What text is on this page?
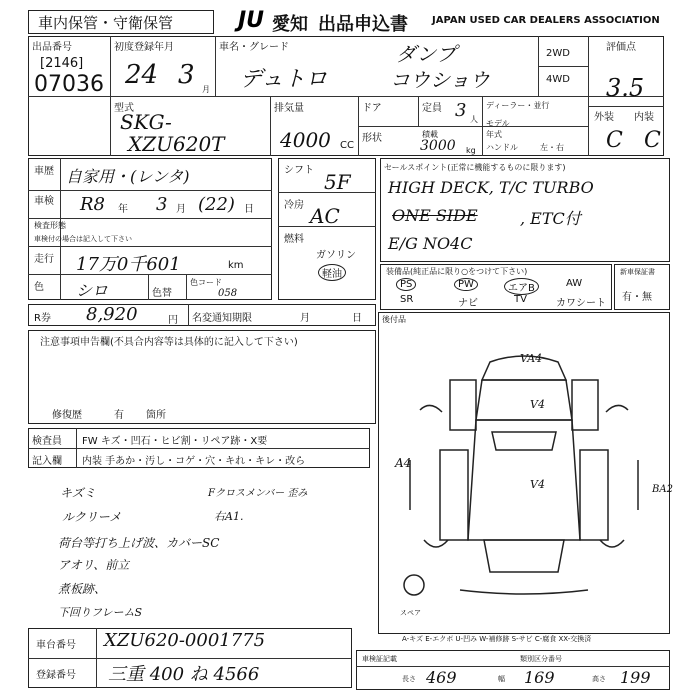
車内保管・守衛保管	JU 愛知 出品申込書 JAPAN USED CAR DEALERS ASSOCIATION
出品番号
[2146]
07036
初度登録年月
24 3 月
車名・グレード	ダンプ
デュトロ	コウショウ
2WD
4WD
評価点
3.5
外装 内装
C C
型式
SKG-
XZU620T
排気量
4000 CC
ドア	定員 3 人
ディーラー・並行
モデル
年式
形状	積載
3000 kg ハンドル	左・右
車歴 自家用・(レンタ)
車検 R8 年 3 月 (22) 日
検査形態
車検付の場合は記入して下さい
走行 17万0千601	km
色 シロ	色替
色コード
058
シフト 5F
冷房 AC
燃料
ガソリン
軽油
セールスポイント(正常に機能するものに限ります)
HIGH DECK, T/C TURBO
ONE SIDE	, ETC付
E/G NO4C
装備品(純正品に限り○をつけて下さい)
PS	PW	エアB	AW
SR	ナビ	TV	カワシート
新車保証書
有・無
R券 8,920	円 名変通知期限	月	日	後付品
VA4
V4
A4
V4	BA2
スペア
A-キズ E-エクボ U-凹み W-補修跡 S-サビ C-腐食 XX-交換済
注意事項申告欄(不具合内容等は具体的に記入して下さい)
修復歴	有 箇所
検査員
記入欄
FW キズ・凹石・ヒビ割・リペア跡・X要
内装 手あか・汚し・コゲ・穴・キれ・キレ・改ら
キズミ	Fクロスメンバー 歪み
ルクリーメ	右A1.
荷台等打ち上げ波、カバーSC
アオリ、前立
煮板跡、
下回りフレームS
車台番号 XZU620-0001775
登録番号 三重 400 ね 4566
車検証記載	類別区分番号
長さ 469	幅 169	高さ 199
